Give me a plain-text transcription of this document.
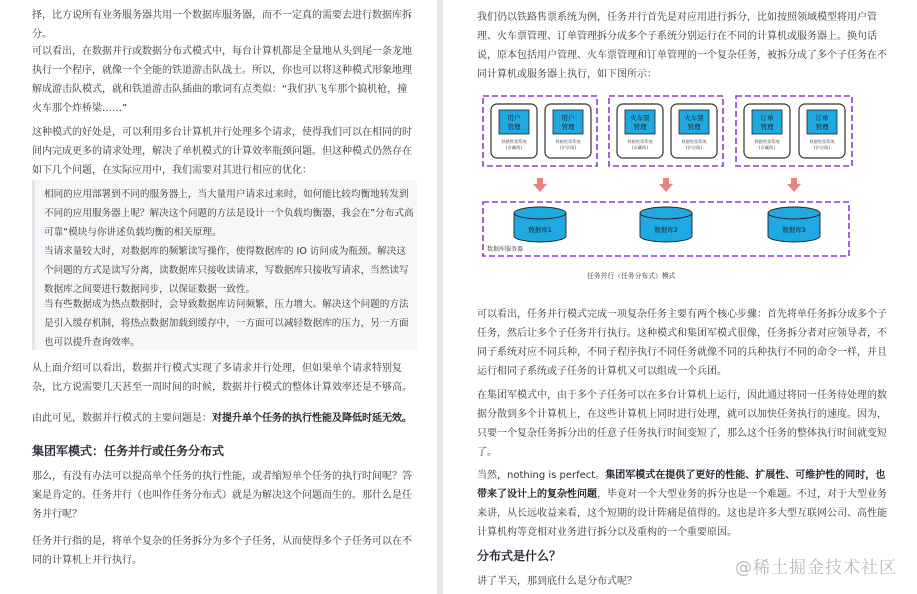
择，比方说所有业务服务器共用一个数据库服务器，而不一定真的需要去进行数据库拆分。

可以看出，在数据并行或数据分布式模式中，每台计算机都是全量地从头到尾一条龙地执行一个程序，就像一个全能的铁道游击队战士。所以，你也可以将这种模式形象地理解成游击队模式，就和铁道游击队插曲的歌词有点类似：“我们扒飞车那个搞机枪，撞火车那个炸桥梁……”

这种模式的好处是，可以利用多台计算机并行处理多个请求，使得我们可以在相同的时间内完成更多的请求处理，解决了单机模式的计算效率瓶颈问题。但这种模式仍然存在如下几个问题，在实际应用中，我们需要对其进行相应的优化：

相同的应用部署到不同的服务器上，当大量用户请求过来时，如何能比较均衡地转发到不同的应用服务器上呢？解决这个问题的方法是设计一个负载均衡器，我会在”分布式高可靠“模块与你讲述负载均衡的相关原理。

当请求量较大时，对数据库的频繁读写操作，使得数据库的 IO 访问成为瓶颈。解决这个问题的方式是读写分离，读数据库只接收读请求，写数据库只接收写请求，当然读写数据库之间要进行数据同步，以保证数据一致性。

当有些数据成为热点数据时，会导致数据库访问频繁，压力增大。解决这个问题的方法是引入缓存机制，将热点数据加载到缓存中，一方面可以减轻数据库的压力，另一方面也可以提升查询效率。

从上面介绍可以看出，数据并行模式实现了多请求并行处理，但如果单个请求特别复杂，比方说需要几天甚至一周时间的时候，数据并行模式的整体计算效率还是不够高。

由此可见，数据并行模式的主要问题是：对提升单个任务的执行性能及降低时延无效。

集团军模式：任务并行或任务分布式

那么，有没有办法可以提高单个任务的执行性能，或者缩短单个任务的执行时间呢？答案是肯定的。任务并行（也叫作任务分布式）就是为解决这个问题而生的。那什么是任务并行呢？

任务并行指的是，将单个复杂的任务拆分为多个子任务，从而使得多个子任务可以在不同的计算机上并行执行。

我们仍以铁路售票系统为例，任务并行首先是对应用进行拆分，比如按照领域模型将用户管理、火车票管理、订单管理拆分成多个子系统分别运行在不同的计算机或服务器上。换句话说，原本包括用户管理、火车票管理和订单管理的一个复杂任务，被拆分成了多个子任务在不同计算机或服务器上执行，如下图所示：

用户
管理
铁路售票系统
(京藏线)
用户
管理
铁路售票系统
(沪京线)
火车票
管理
铁路售票系统
(京藏线)
火车票
管理
铁路售票系统
(沪京线)
订单
管理
铁路售票系统
(京藏线)
订单
管理
铁路售票系统
(沪京线)
数据库1	数据库2	数据库3
数据库服务器
任务并行（任务分布式）模式

可以看出，任务并行模式完成一项复杂任务主要有两个核心步骤：首先将单任务拆分成多个子任务，然后让多个子任务并行执行。这种模式和集团军模式很像，任务拆分者对应领导者，不同子系统对应不同兵种，不同子程序执行不同任务就像不同的兵种执行不同的命令一样，并且运行相同子系统或子任务的计算机又可以组成一个兵团。

在集团军模式中，由于多个子任务可以在多台计算机上运行，因此通过将同一任务待处理的数据分散到多个计算机上，在这些计算机上同时进行处理，就可以加快任务执行的速度。因为，只要一个复杂任务拆分出的任意子任务执行时间变短了，那么这个任务的整体执行时间就变短了。

当然，nothing is perfect。集团军模式在提供了更好的性能、扩展性、可维护性的同时，也带来了设计上的复杂性问题，毕竟对一个大型业务的拆分也是一个难题。不过，对于大型业务来讲，从长远收益来看，这个短期的设计阵痛是值得的。这也是许多大型互联网公司、高性能计算机构等竞相对业务进行拆分以及重构的一个重要原因。

分布式是什么？

讲了半天，那到底什么是分布式呢？

@稀土掘金技术社区
